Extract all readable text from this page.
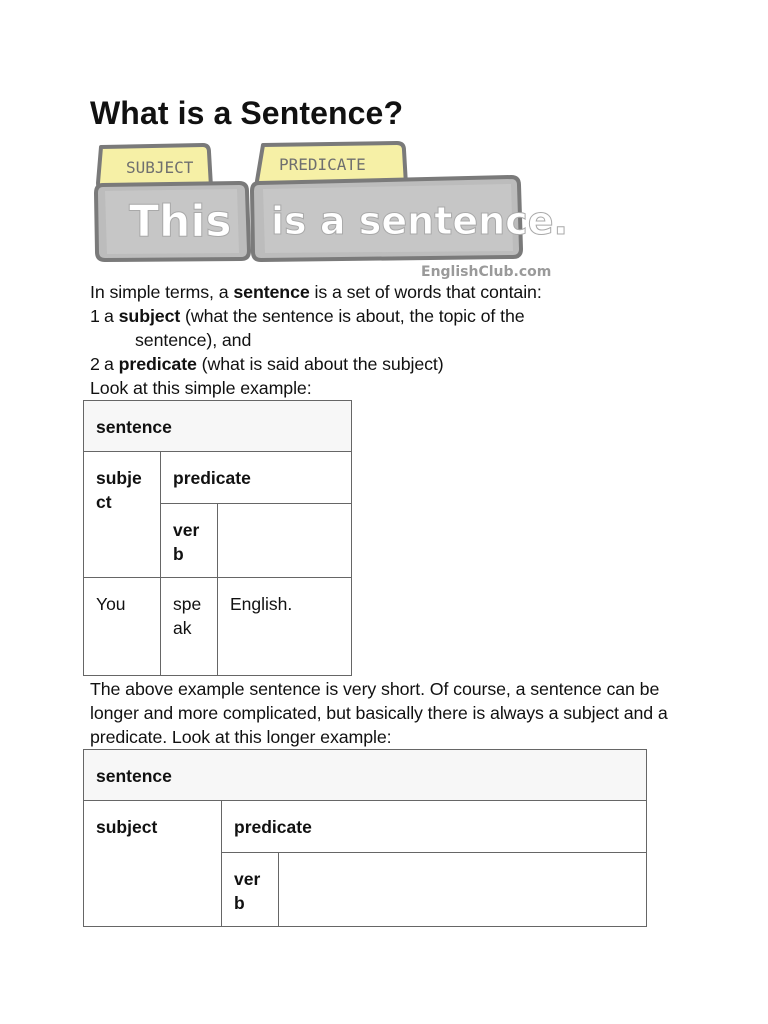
What is a Sentence?
SUBJECT	PREDICATE
This is a sentence.
EnglishClub.com
In simple terms, a sentence is a set of words that contain:
1 a subject (what the sentence is about, the topic of the
sentence), and
2 a predicate (what is said about the subject)
Look at this simple example:
sentence		
subject	predicate	
	verb	
You	speak	English.
The above example sentence is very short. Of course, a sentence can be longer and more complicated, but basically there is always a subject and a predicate. Look at this longer example:
sentence		
subject	predicate	
	verb	
